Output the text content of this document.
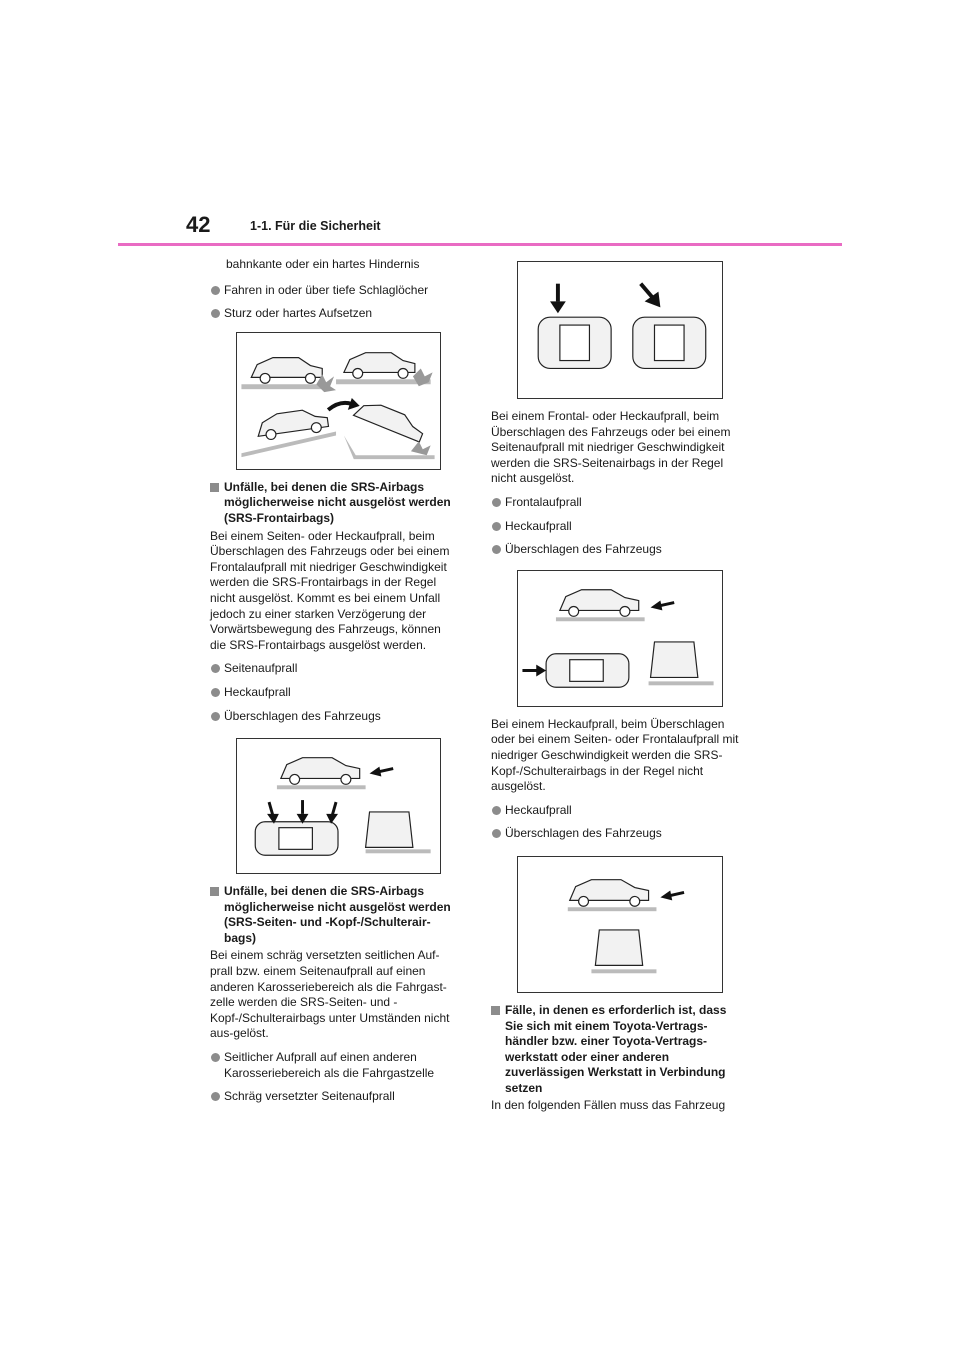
42	1-1. Für die Sicherheit
bahnkante oder ein hartes Hindernis
Fahren in oder über tiefe Schlaglöcher
Sturz oder hartes Aufsetzen
Unfälle, bei denen die SRS-Airbags möglicherweise nicht ausgelöst werden (SRS-Frontairbags)
Bei einem Seiten- oder Heckaufprall, beim Überschlagen des Fahrzeugs oder bei einem Frontalaufprall mit niedriger Geschwindigkeit werden die SRS-Frontairbags in der Regel nicht ausgelöst. Kommt es bei einem Unfall jedoch zu einer starken Verzögerung der Vorwärtsbewegung des Fahrzeugs, können die SRS-Frontairbags ausgelöst werden.
Seitenaufprall
Heckaufprall
Überschlagen des Fahrzeugs
Unfälle, bei denen die SRS-Airbags möglicherweise nicht ausgelöst werden (SRS-Seiten- und -Kopf-/Schulterair-bags)
Bei einem schräg versetzten seitlichen Auf-prall bzw. einem Seitenaufprall auf einen anderen Karosseriebereich als die Fahrgast-zelle werden die SRS-Seiten- und -Kopf-/Schulterairbags unter Umständen nicht aus-gelöst.
Seitlicher Aufprall auf einen anderen Karosseriebereich als die Fahrgastzelle
Schräg versetzter Seitenaufprall
Bei einem Frontal- oder Heckaufprall, beim Überschlagen des Fahrzeugs oder bei einem Seitenaufprall mit niedriger Geschwindigkeit werden die SRS-Seitenairbags in der Regel nicht ausgelöst.
Frontalaufprall
Heckaufprall
Überschlagen des Fahrzeugs
Bei einem Heckaufprall, beim Überschlagen oder bei einem Seiten- oder Frontalaufprall mit niedriger Geschwindigkeit werden die SRS-Kopf-/Schulterairbags in der Regel nicht ausgelöst.
Heckaufprall
Überschlagen des Fahrzeugs
Fälle, in denen es erforderlich ist, dass Sie sich mit einem Toyota-Vertrags-händler bzw. einer Toyota-Vertrags-werkstatt oder einer anderen zuverlässigen Werkstatt in Verbindung setzen
In den folgenden Fällen muss das Fahrzeug
